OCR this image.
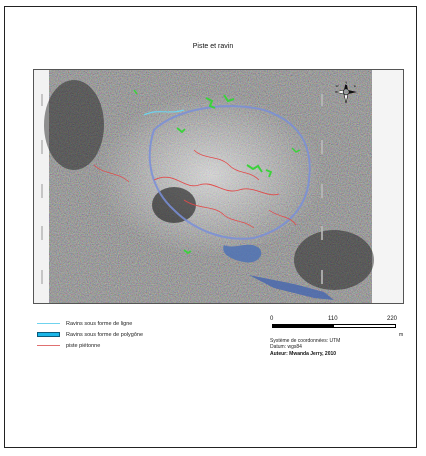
Piste et ravin
N E
W
Ravins sous forme de ligne
Ravins sous forme de polygône
piste piétonne
0	110	220
m
Système de coordonnées: UTM
Datum: wgs84
Auteur: Mwanda Jerry, 2010
